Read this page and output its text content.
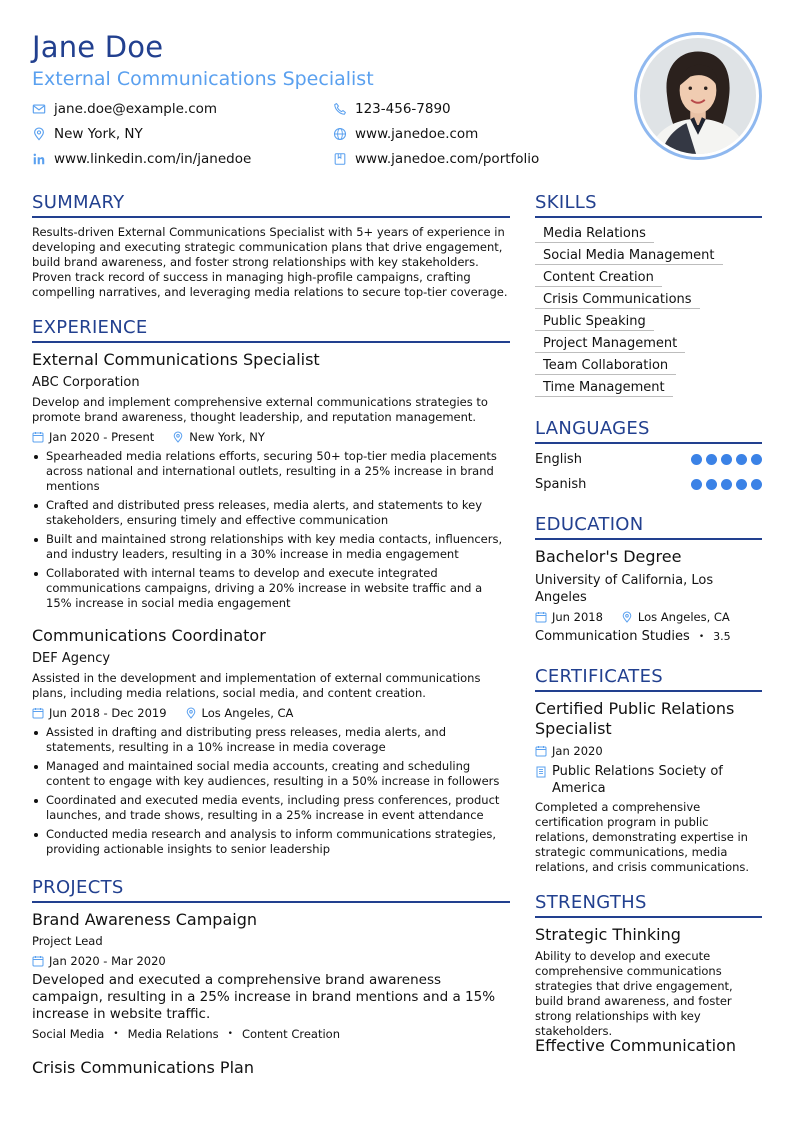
Jane Doe
External Communications Specialist
jane.doe@example.com	123-456-7890
New York, NY	www.janedoe.com
www.linkedin.com/in/janedoe	www.janedoe.com/portfolio
SUMMARY
Results-driven External Communications Specialist with 5+ years of experience in developing and executing strategic communication plans that drive engagement, build brand awareness, and foster strong relationships with key stakeholders. Proven track record of success in managing high-profile campaigns, crafting compelling narratives, and leveraging media relations to secure top-tier coverage.
EXPERIENCE
External Communications Specialist
ABC Corporation
Develop and implement comprehensive external communications strategies to promote brand awareness, thought leadership, and reputation management.
Jan 2020 - Present	New York, NY
Spearheaded media relations efforts, securing 50+ top-tier media placements across national and international outlets, resulting in a 25% increase in brand mentions
Crafted and distributed press releases, media alerts, and statements to key stakeholders, ensuring timely and effective communication
Built and maintained strong relationships with key media contacts, influencers, and industry leaders, resulting in a 30% increase in media engagement
Collaborated with internal teams to develop and execute integrated communications campaigns, driving a 20% increase in website traffic and a 15% increase in social media engagement
Communications Coordinator
DEF Agency
Assisted in the development and implementation of external communications plans, including media relations, social media, and content creation.
Jun 2018 - Dec 2019	Los Angeles, CA
Assisted in drafting and distributing press releases, media alerts, and statements, resulting in a 10% increase in media coverage
Managed and maintained social media accounts, creating and scheduling content to engage with key audiences, resulting in a 50% increase in followers
Coordinated and executed media events, including press conferences, product launches, and trade shows, resulting in a 25% increase in event attendance
Conducted media research and analysis to inform communications strategies, providing actionable insights to senior leadership
PROJECTS
Brand Awareness Campaign
Project Lead
Jan 2020 - Mar 2020
Developed and executed a comprehensive brand awareness campaign, resulting in a 25% increase in brand mentions and a 15% increase in website traffic.
Social Media • Media Relations • Content Creation
Crisis Communications Plan
SKILLS
Media Relations
Social Media Management
Content Creation
Crisis Communications
Public Speaking
Project Management
Team Collaboration
Time Management
LANGUAGES
English
Spanish
EDUCATION
Bachelor's Degree
University of California, Los Angeles
Jun 2018	Los Angeles, CA
Communication Studies • 3.5
CERTIFICATES
Certified Public Relations Specialist
Jan 2020
Public Relations Society of America
Completed a comprehensive certification program in public relations, demonstrating expertise in strategic communications, media relations, and crisis communications.
STRENGTHS
Strategic Thinking
Ability to develop and execute comprehensive communications strategies that drive engagement, build brand awareness, and foster strong relationships with key stakeholders.
Effective Communication
